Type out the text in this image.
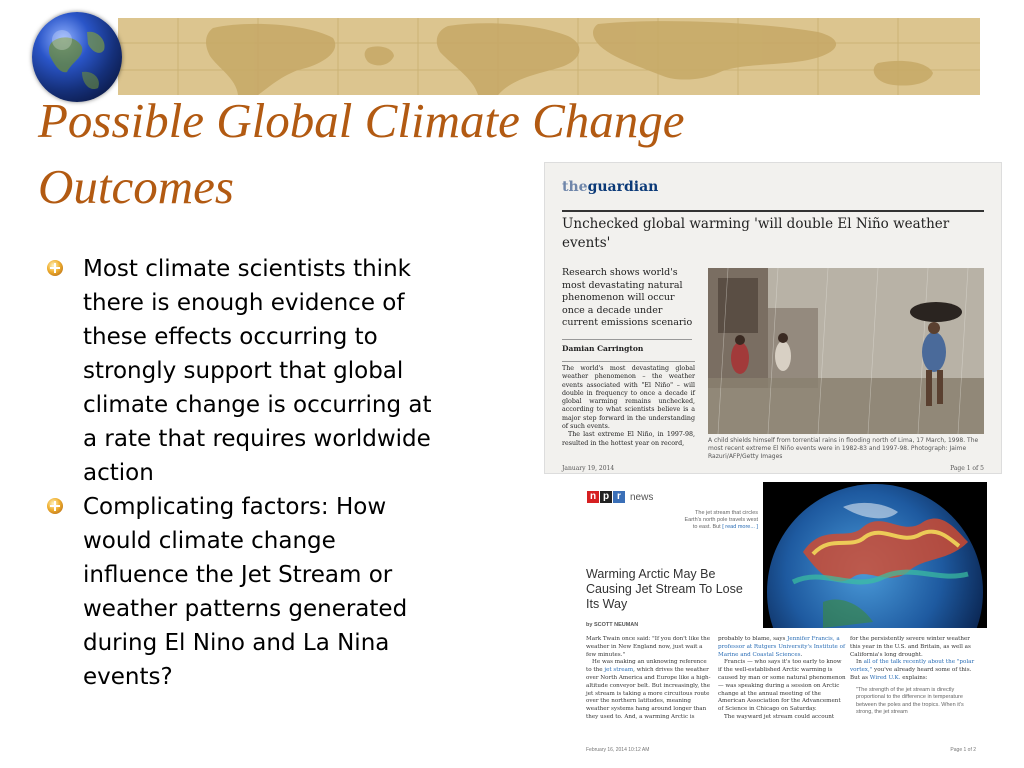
Possible Global Climate Change Outcomes
Most climate scientists think there is enough evidence of these effects occurring to strongly support that global climate change is occurring at a rate that requires worldwide action
Complicating factors: How would climate change influence the Jet Stream or weather patterns generated during El Nino and La Nina events?
theguardian
Unchecked global warming 'will double El Niño weather events'
Research shows world's most devastating natural phenomenon will occur once a decade under current emissions scenario
Damian Carrington

The world's most devastating global weather phenomenon – the weather events associated with "El Niño" – will double in frequency to once a decade if global warming remains unchecked, according to what scientists believe is a major step forward in the understanding of such events.

The last extreme El Niño, in 1997-98, resulted in the hottest year on record,	A child shields himself from torrential rains in flooding north of Lima, 17 March, 1998. The most recent extreme El Niño events were in 1982-83 and 1997-98. Photograph: Jaime Razuri/AFP/Getty Images
January 19, 2014	Page 1 of 5
n p r news
The jet stream that circles Earth's north pole travels west to east. But [ read more... ]
Warming Arctic May Be Causing Jet Stream To Lose Its Way
by SCOTT NEUMAN

Mark Twain once said: "If you don't like the weather in New England now, just wait a few minutes."

He was making an unknowing reference to the jet stream, which drives the weather over North America and Europe like a high-altitude conveyor belt. But increasingly, the jet stream is taking a more circuitous route over the northern latitudes, meaning weather systems hang around longer than they used to. And, a warming Arctic is

probably to blame, says Jennifer Francis, a professor at Rutgers University's Institute of Marine and Coastal Sciences.

Francis — who says it's too early to know if the well-established Arctic warming is caused by man or some natural phenomenon — was speaking during a session on Arctic change at the annual meeting of the American Association for the Advancement of Science in Chicago on Saturday.

The wayward jet stream could account

for the persistently severe winter weather this year in the U.S. and Britain, as well as California's long drought.

In all of the talk recently about the "polar vortex," you've already heard some of this. But as Wired U.K. explains:

"The strength of the jet stream is directly proportional to the difference in temperature between the poles and the tropics. When it's strong, the jet stream

February 16, 2014 10:12 AM	Page 1 of 2
